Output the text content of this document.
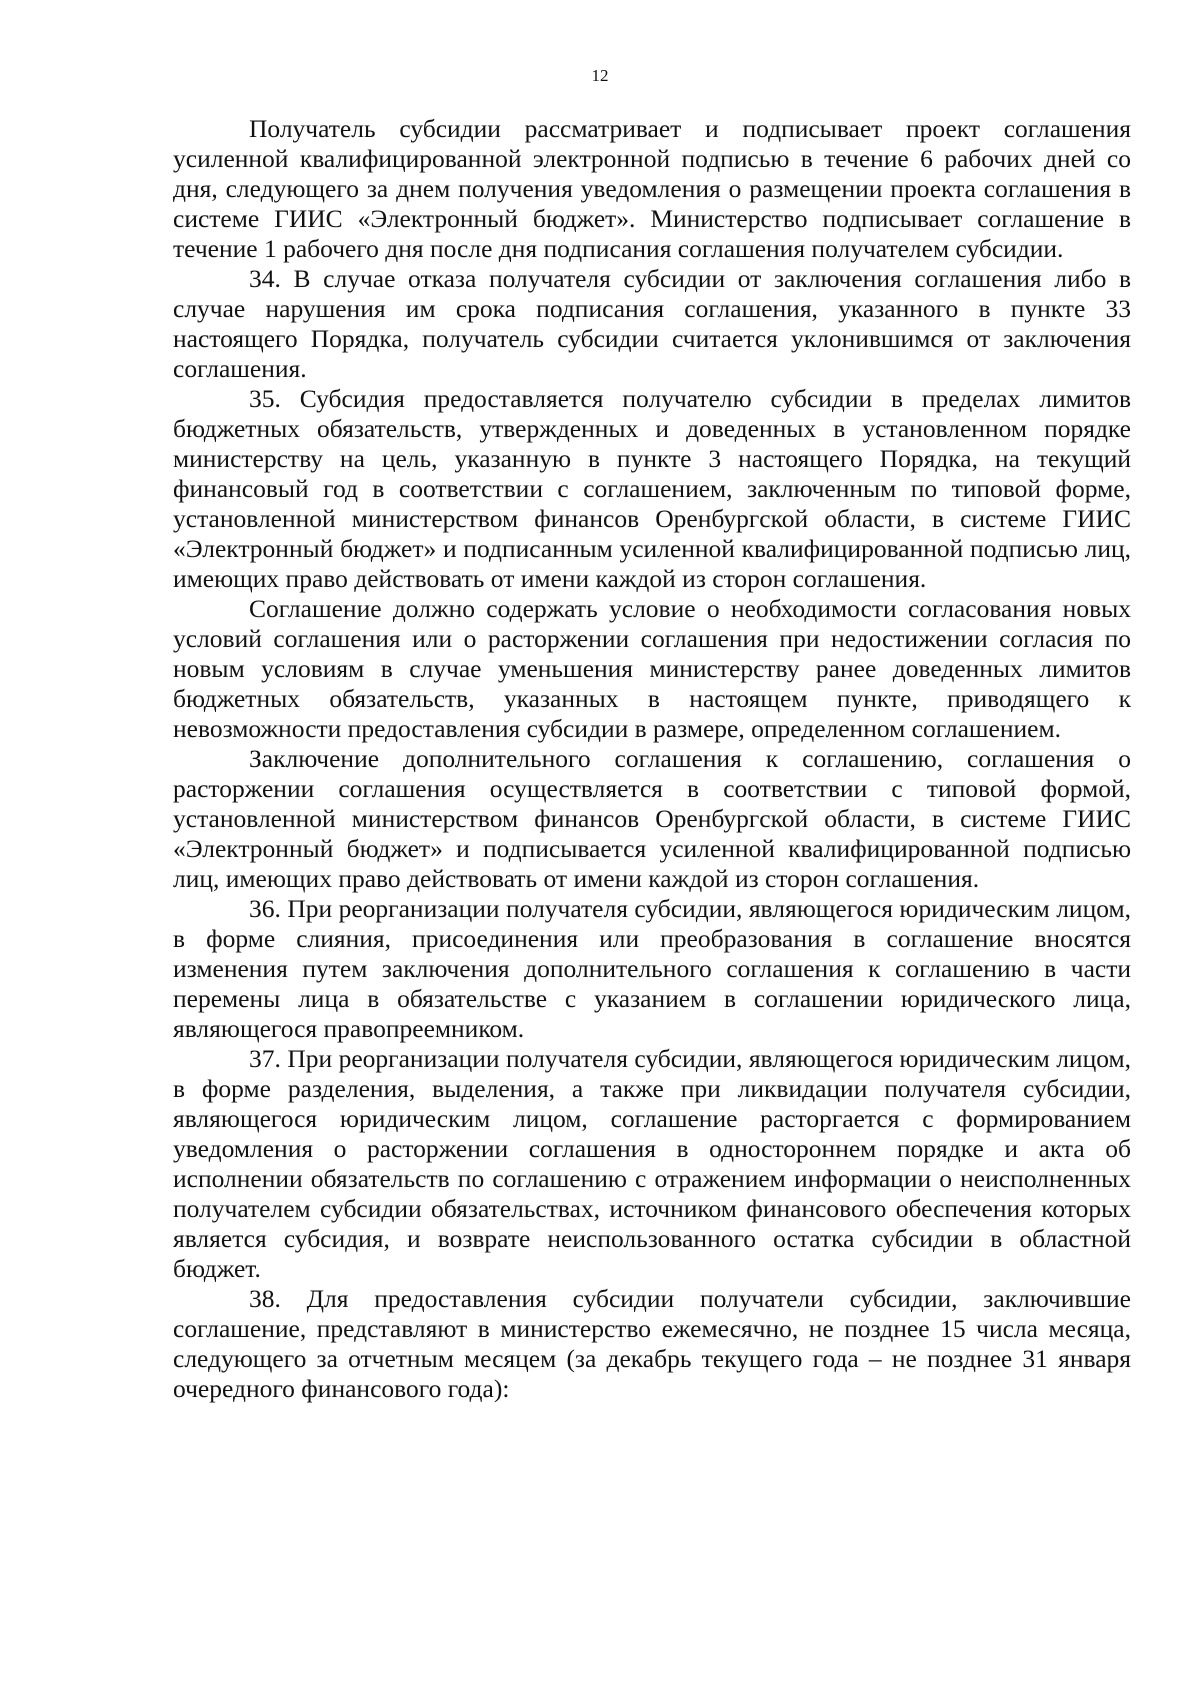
12

Получатель субсидии рассматривает и подписывает проект соглашения усиленной квалифицированной электронной подписью в течение 6 рабочих дней со дня, следующего за днем получения уведомления о размещении проекта соглашения в системе ГИИС «Электронный бюджет». Министерство подписывает соглашение в течение 1 рабочего дня после дня подписания соглашения получателем субсидии.

34. В случае отказа получателя субсидии от заключения соглашения либо в случае нарушения им срока подписания соглашения, указанного в пункте 33 настоящего Порядка, получатель субсидии считается уклонившимся от заключения соглашения.

35. Субсидия предоставляется получателю субсидии в пределах лимитов бюджетных обязательств, утвержденных и доведенных в установленном порядке министерству на цель, указанную в пункте 3 настоящего Порядка, на текущий финансовый год в соответствии с соглашением, заключенным по типовой форме, установленной министерством финансов Оренбургской области, в системе ГИИС «Электронный бюджет» и подписанным усиленной квалифицированной подписью лиц, имеющих право действовать от имени каждой из сторон соглашения.

Соглашение должно содержать условие о необходимости согласования новых условий соглашения или о расторжении соглашения при недостижении согласия по новым условиям в случае уменьшения министерству ранее доведенных лимитов бюджетных обязательств, указанных в настоящем пункте, приводящего к невозможности предоставления субсидии в размере, определенном соглашением.

Заключение дополнительного соглашения к соглашению, соглашения о расторжении соглашения осуществляется в соответствии с типовой формой, установленной министерством финансов Оренбургской области, в системе ГИИС «Электронный бюджет» и подписывается усиленной квалифицированной подписью лиц, имеющих право действовать от имени каждой из сторон соглашения.

36. При реорганизации получателя субсидии, являющегося юридическим лицом, в форме слияния, присоединения или преобразования в соглашение вносятся изменения путем заключения дополнительного соглашения к соглашению в части перемены лица в обязательстве с указанием в соглашении юридического лица, являющегося правопреемником.

37. При реорганизации получателя субсидии, являющегося юридическим лицом, в форме разделения, выделения, а также при ликвидации получателя субсидии, являющегося юридическим лицом, соглашение расторгается с формированием уведомления о расторжении соглашения в одностороннем порядке и акта об исполнении обязательств по соглашению с отражением информации о неисполненных получателем субсидии обязательствах, источником финансового обеспечения которых является субсидия, и возврате неиспользованного остатка субсидии в областной бюджет.

38. Для предоставления субсидии получатели субсидии, заключившие соглашение, представляют в министерство ежемесячно, не позднее 15 числа месяца, следующего за отчетным месяцем (за декабрь текущего года – не позднее 31 января очередного финансового года):
